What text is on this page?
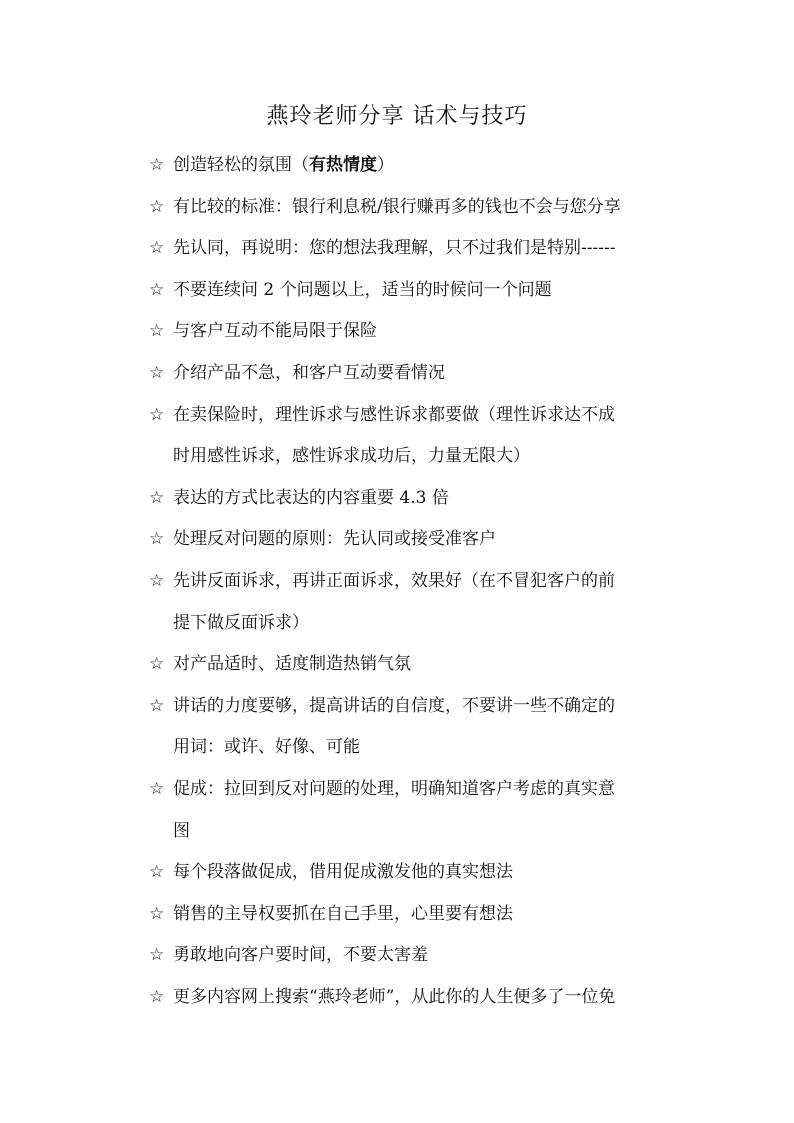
燕玲老师分享 话术与技巧
☆ 创造轻松的氛围（有热情度）
☆ 有比较的标准：银行利息税/银行赚再多的钱也不会与您分享
☆ 先认同，再说明：您的想法我理解，只不过我们是特别------
☆ 不要连续问 2 个问题以上，适当的时候问一个问题
☆ 与客户互动不能局限于保险
☆ 介绍产品不急，和客户互动要看情况
☆ 在卖保险时，理性诉求与感性诉求都要做（理性诉求达不成
时用感性诉求，感性诉求成功后，力量无限大）
☆ 表达的方式比表达的内容重要 4.3 倍
☆ 处理反对问题的原则：先认同或接受准客户
☆ 先讲反面诉求，再讲正面诉求，效果好（在不冒犯客户的前
提下做反面诉求）
☆ 对产品适时、适度制造热销气氛
☆ 讲话的力度要够，提高讲话的自信度，不要讲一些不确定的
用词：或许、好像、可能
☆ 促成：拉回到反对问题的处理，明确知道客户考虑的真实意
图
☆ 每个段落做促成，借用促成激发他的真实想法
☆ 销售的主导权要抓在自己手里，心里要有想法
☆ 勇敢地向客户要时间，不要太害羞
☆ 更多内容网上搜索“燕玲老师”，从此你的人生便多了一位免
